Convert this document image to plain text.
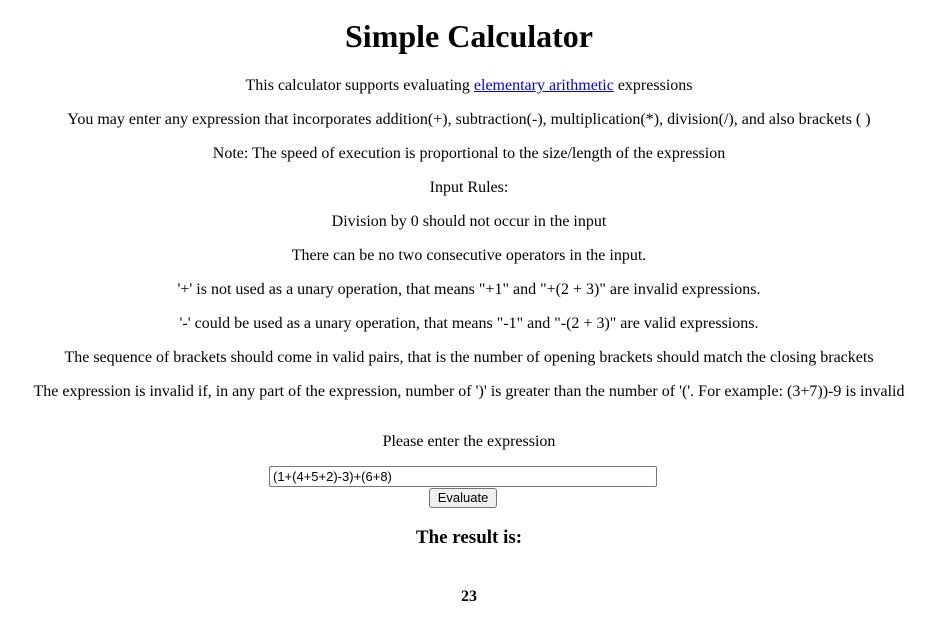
Simple Calculator

This calculator supports evaluating elementary arithmetic expressions

You may enter any expression that incorporates addition(+), subtraction(-), multiplication(*), division(/), and also brackets ( )

Note: The speed of execution is proportional to the size/length of the expression

Input Rules:

Division by 0 should not occur in the input

There can be no two consecutive operators in the input.

'+' is not used as a unary operation, that means "+1" and "+(2 + 3)" are invalid expressions.

'-' could be used as a unary operation, that means "-1" and "-(2 + 3)" are valid expressions.

The sequence of brackets should come in valid pairs, that is the number of opening brackets should match the closing brackets

The expression is invalid if, in any part of the expression, number of ')' is greater than the number of '('. For example: (3+7))-9 is invalid

Please enter the expression

(1+(4+5+2)-3)+(6+8)
Evaluate
The result is:

23
